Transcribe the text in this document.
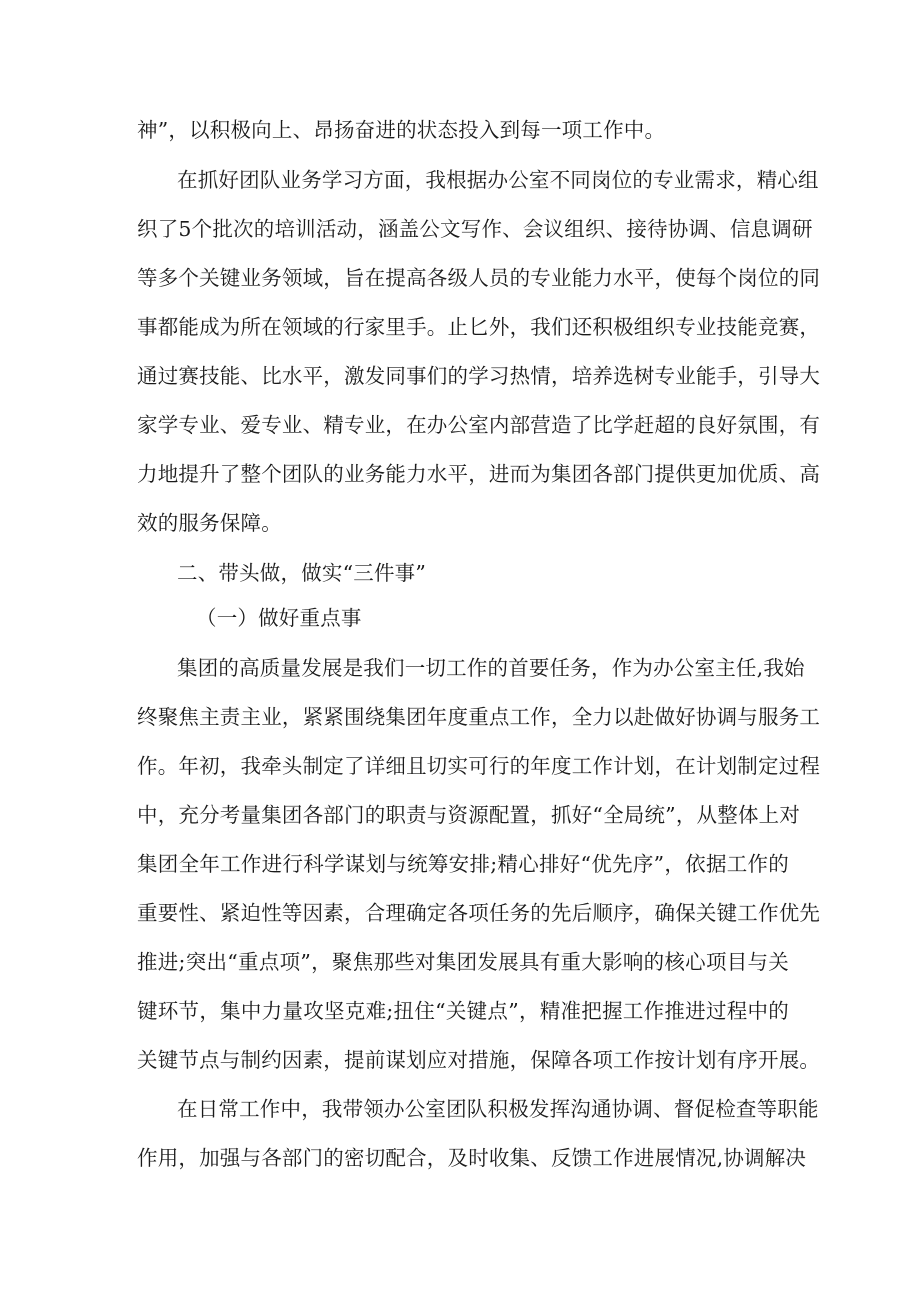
神”，以积极向上、昂扬奋进的状态投入到每一项工作中。
在抓好团队业务学习方面，我根据办公室不同岗位的专业需求，精心组
织了5个批次的培训活动，涵盖公文写作、会议组织、接待协调、信息调研
等多个关键业务领域，旨在提高各级人员的专业能力水平，使每个岗位的同
事都能成为所在领域的行家里手。止匕外，我们还积极组织专业技能竞赛，
通过赛技能、比水平，激发同事们的学习热情，培养选树专业能手，引导大
家学专业、爱专业、精专业，在办公室内部营造了比学赶超的良好氛围，有
力地提升了整个团队的业务能力水平，进而为集团各部门提供更加优质、高
效的服务保障。
二、带头做，做实“三件事”
（一）做好重点事
集团的高质量发展是我们一切工作的首要任务，作为办公室主任,我始
终聚焦主责主业，紧紧围绕集团年度重点工作，全力以赴做好协调与服务工
作。年初，我牵头制定了详细且切实可行的年度工作计划，在计划制定过程
中，充分考量集团各部门的职责与资源配置，抓好“全局统”，从整体上对
集团全年工作进行科学谋划与统筹安排;精心排好“优先序”，依据工作的
重要性、紧迫性等因素，合理确定各项任务的先后顺序，确保关键工作优先
推进;突出“重点项”，聚焦那些对集团发展具有重大影响的核心项目与关
键环节，集中力量攻坚克难;扭住“关键点”，精准把握工作推进过程中的
关键节点与制约因素，提前谋划应对措施，保障各项工作按计划有序开展。
在日常工作中，我带领办公室团队积极发挥沟通协调、督促检查等职能
作用，加强与各部门的密切配合，及时收集、反馈工作进展情况,协调解决
